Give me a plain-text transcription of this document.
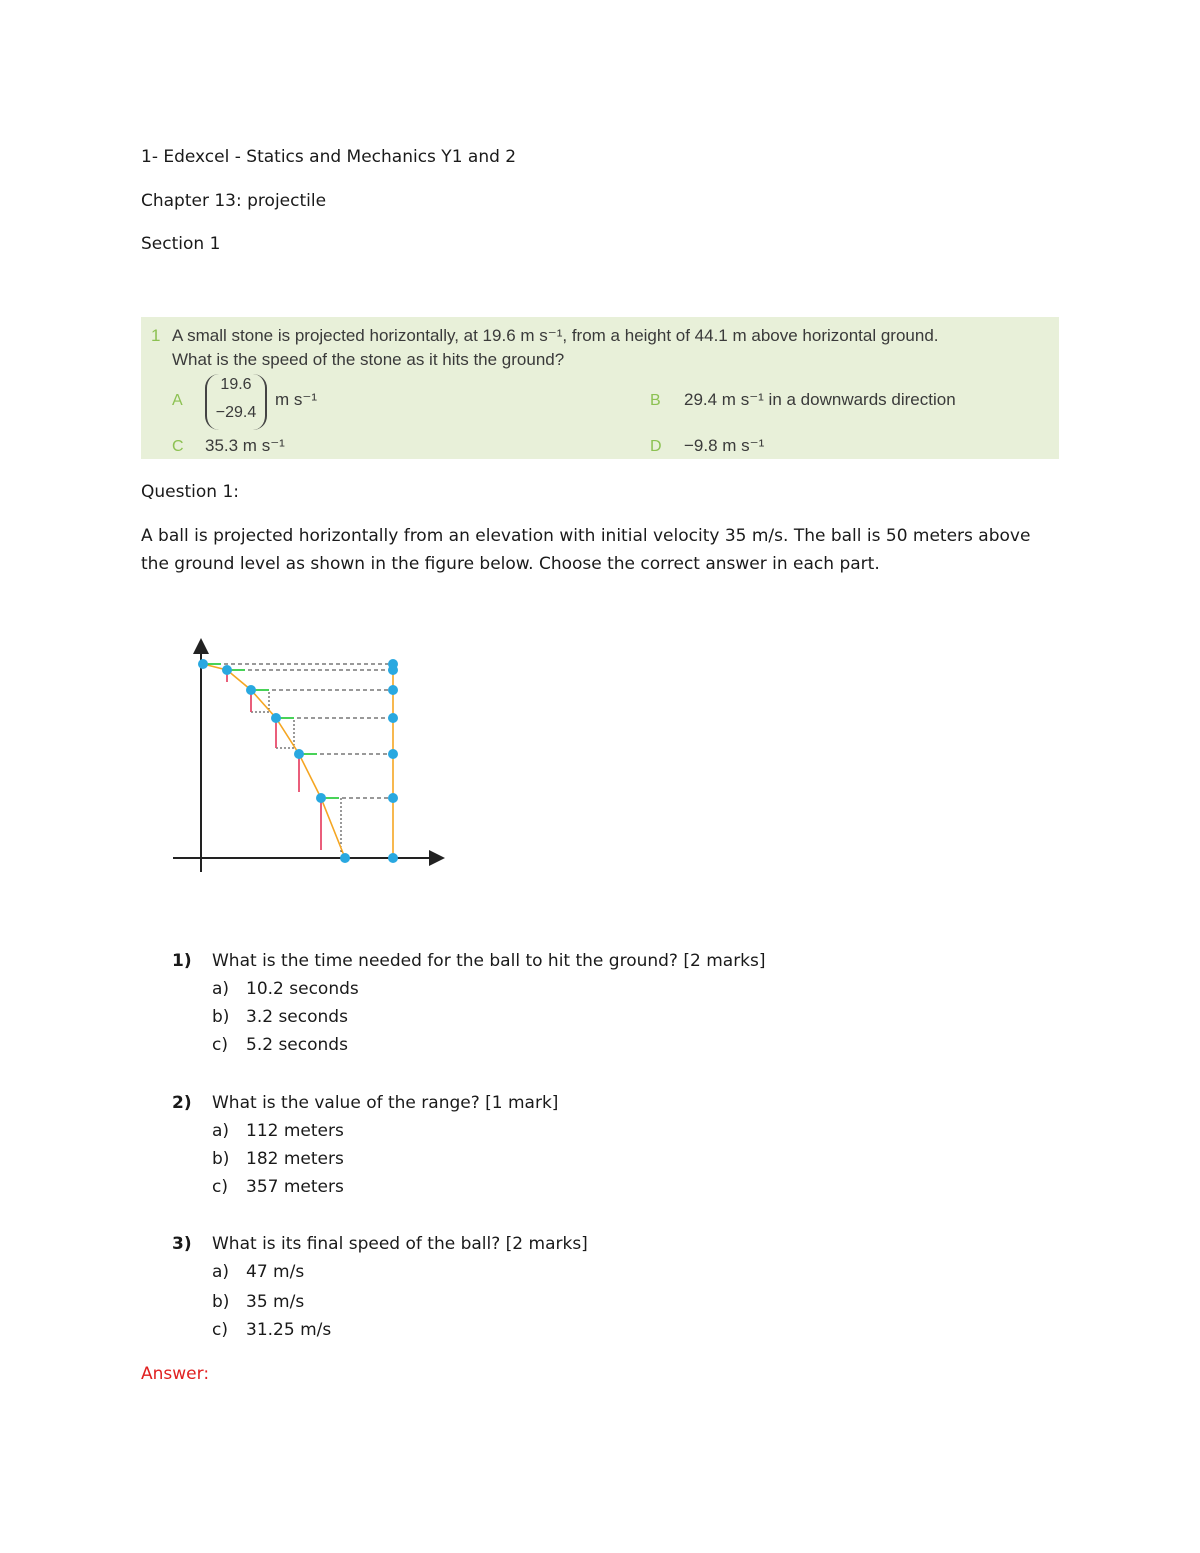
1- Edexcel - Statics and Mechanics Y1 and 2
Chapter 13: projectile
Section 1
1 A small stone is projected horizontally, at 19.6 m s⁻¹, from a height of 44.1 m above horizontal ground.
What is the speed of the stone as it hits the ground?
A
19.6
−29.4
m s⁻¹	B 29.4 m s⁻¹ in a downwards direction
C 35.3 m s⁻¹	D −9.8 m s⁻¹
Question 1:
A ball is projected horizontally from an elevation with initial velocity 35 m/s. The ball is 50 meters above the ground level as shown in the figure below. Choose the correct answer in each part.
1) What is the time needed for the ball to hit the ground? [2 marks]
a) 10.2 seconds
b) 3.2 seconds
c) 5.2 seconds
2) What is the value of the range? [1 mark]
a) 112 meters
b) 182 meters
c) 357 meters
3) What is its final speed of the ball? [2 marks]
a) 47 m/s
b) 35 m/s
c) 31.25 m/s
Answer:
